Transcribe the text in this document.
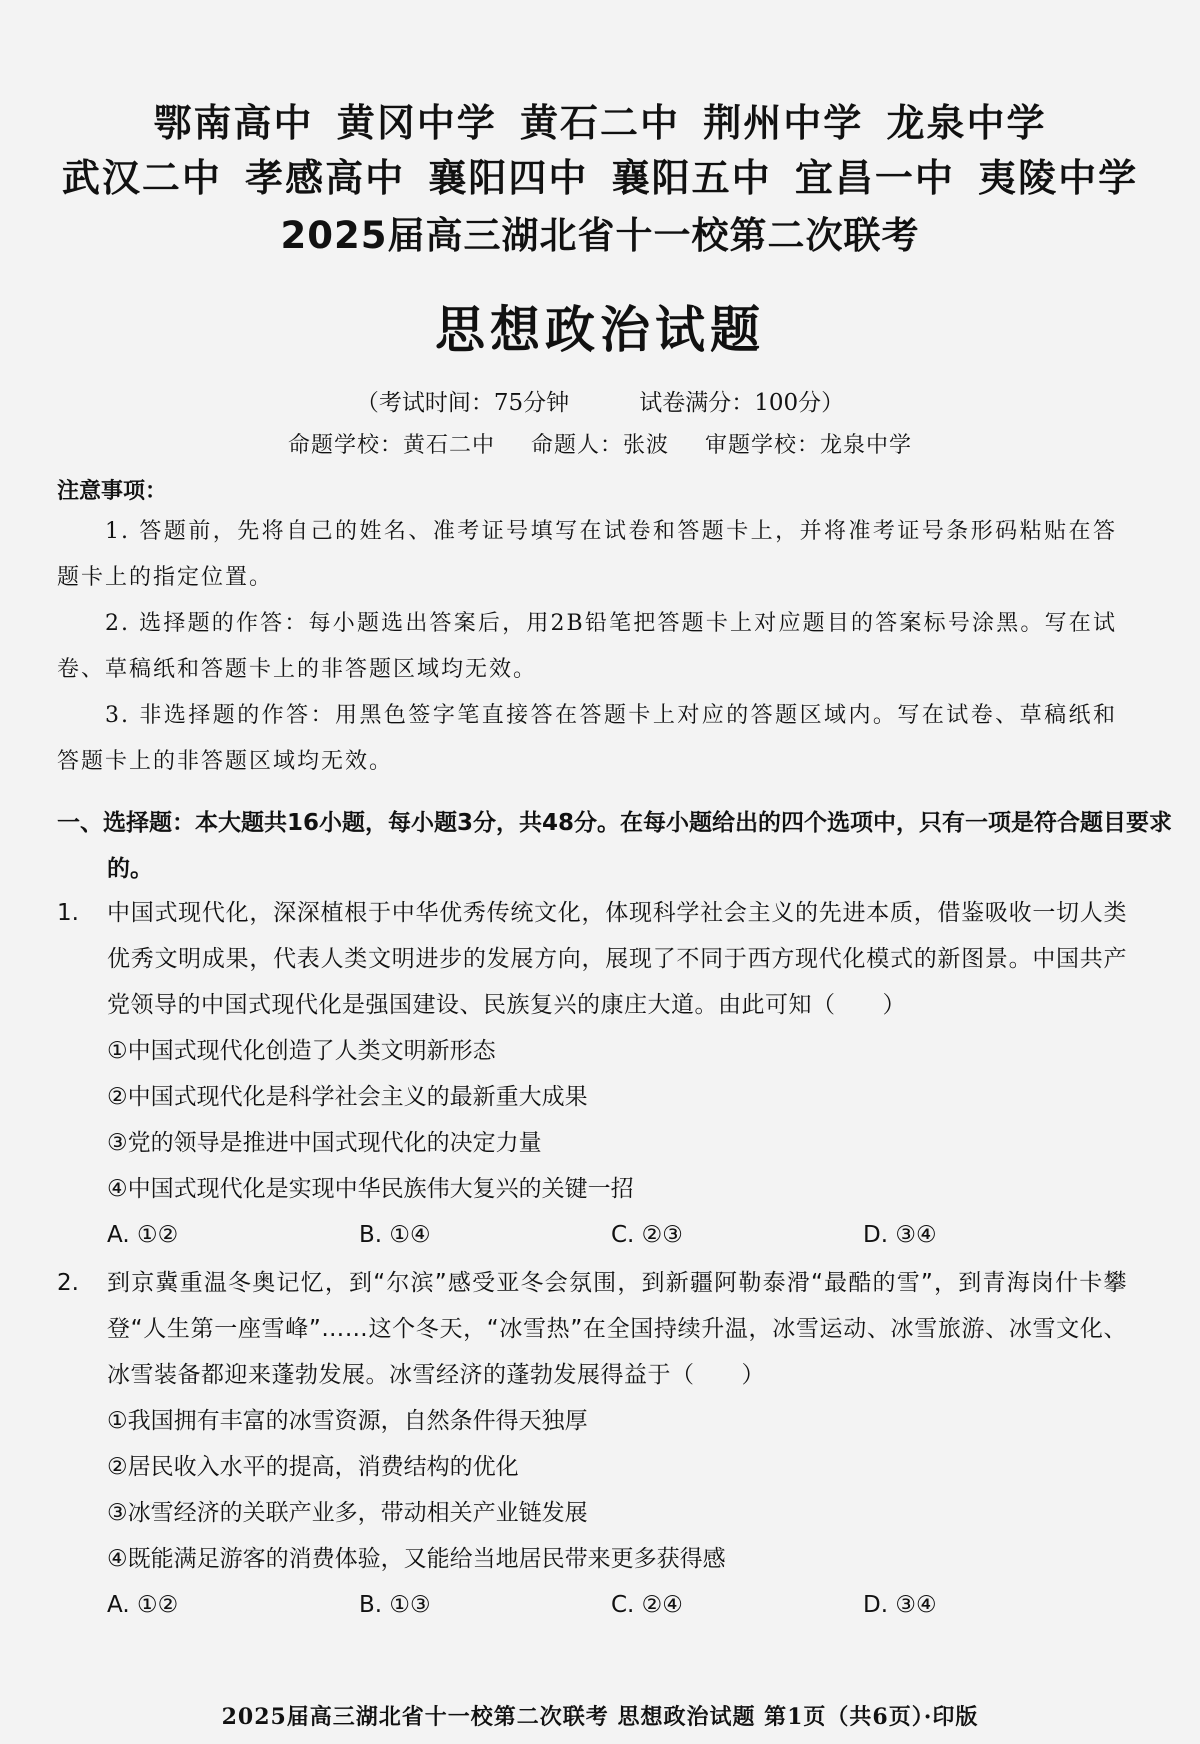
鄂南高中 黄冈中学 黄石二中 荆州中学 龙泉中学
武汉二中 孝感高中 襄阳四中 襄阳五中 宜昌一中 夷陵中学
2025届高三湖北省十一校第二次联考
思想政治试题
（考试时间：75分钟	试卷满分：100分）
命题学校：黄石二中 命题人：张波 审题学校：龙泉中学
注意事项：
1. 答题前，先将自己的姓名、准考证号填写在试卷和答题卡上，并将准考证号条形码粘贴在答题卡上的指定位置。
2. 选择题的作答：每小题选出答案后，用2B铅笔把答题卡上对应题目的答案标号涂黑。写在试卷、草稿纸和答题卡上的非答题区域均无效。
3. 非选择题的作答：用黑色签字笔直接答在答题卡上对应的答题区域内。写在试卷、草稿纸和答题卡上的非答题区域均无效。
一、选择题：本大题共16小题，每小题3分，共48分。在每小题给出的四个选项中，只有一项是符合题目要求的。
1. 中国式现代化，深深植根于中华优秀传统文化，体现科学社会主义的先进本质，借鉴吸收一切人类优秀文明成果，代表人类文明进步的发展方向，展现了不同于西方现代化模式的新图景。中国共产党领导的中国式现代化是强国建设、民族复兴的康庄大道。由此可知（　　）
①中国式现代化创造了人类文明新形态
②中国式现代化是科学社会主义的最新重大成果
③党的领导是推进中国式现代化的决定力量
④中国式现代化是实现中华民族伟大复兴的关键一招
A. ①②	B. ①④	C. ②③	D. ③④
2. 到京冀重温冬奥记忆，到“尔滨”感受亚冬会氛围，到新疆阿勒泰滑“最酷的雪”，到青海岗什卡攀登“人生第一座雪峰”……这个冬天，“冰雪热”在全国持续升温，冰雪运动、冰雪旅游、冰雪文化、冰雪装备都迎来蓬勃发展。冰雪经济的蓬勃发展得益于（　　）
①我国拥有丰富的冰雪资源，自然条件得天独厚
②居民收入水平的提高，消费结构的优化
③冰雪经济的关联产业多，带动相关产业链发展
④既能满足游客的消费体验，又能给当地居民带来更多获得感
A. ①②	B. ①③	C. ②④	D. ③④
2025届高三湖北省十一校第二次联考 思想政治试题 第1页（共6页）·印版
